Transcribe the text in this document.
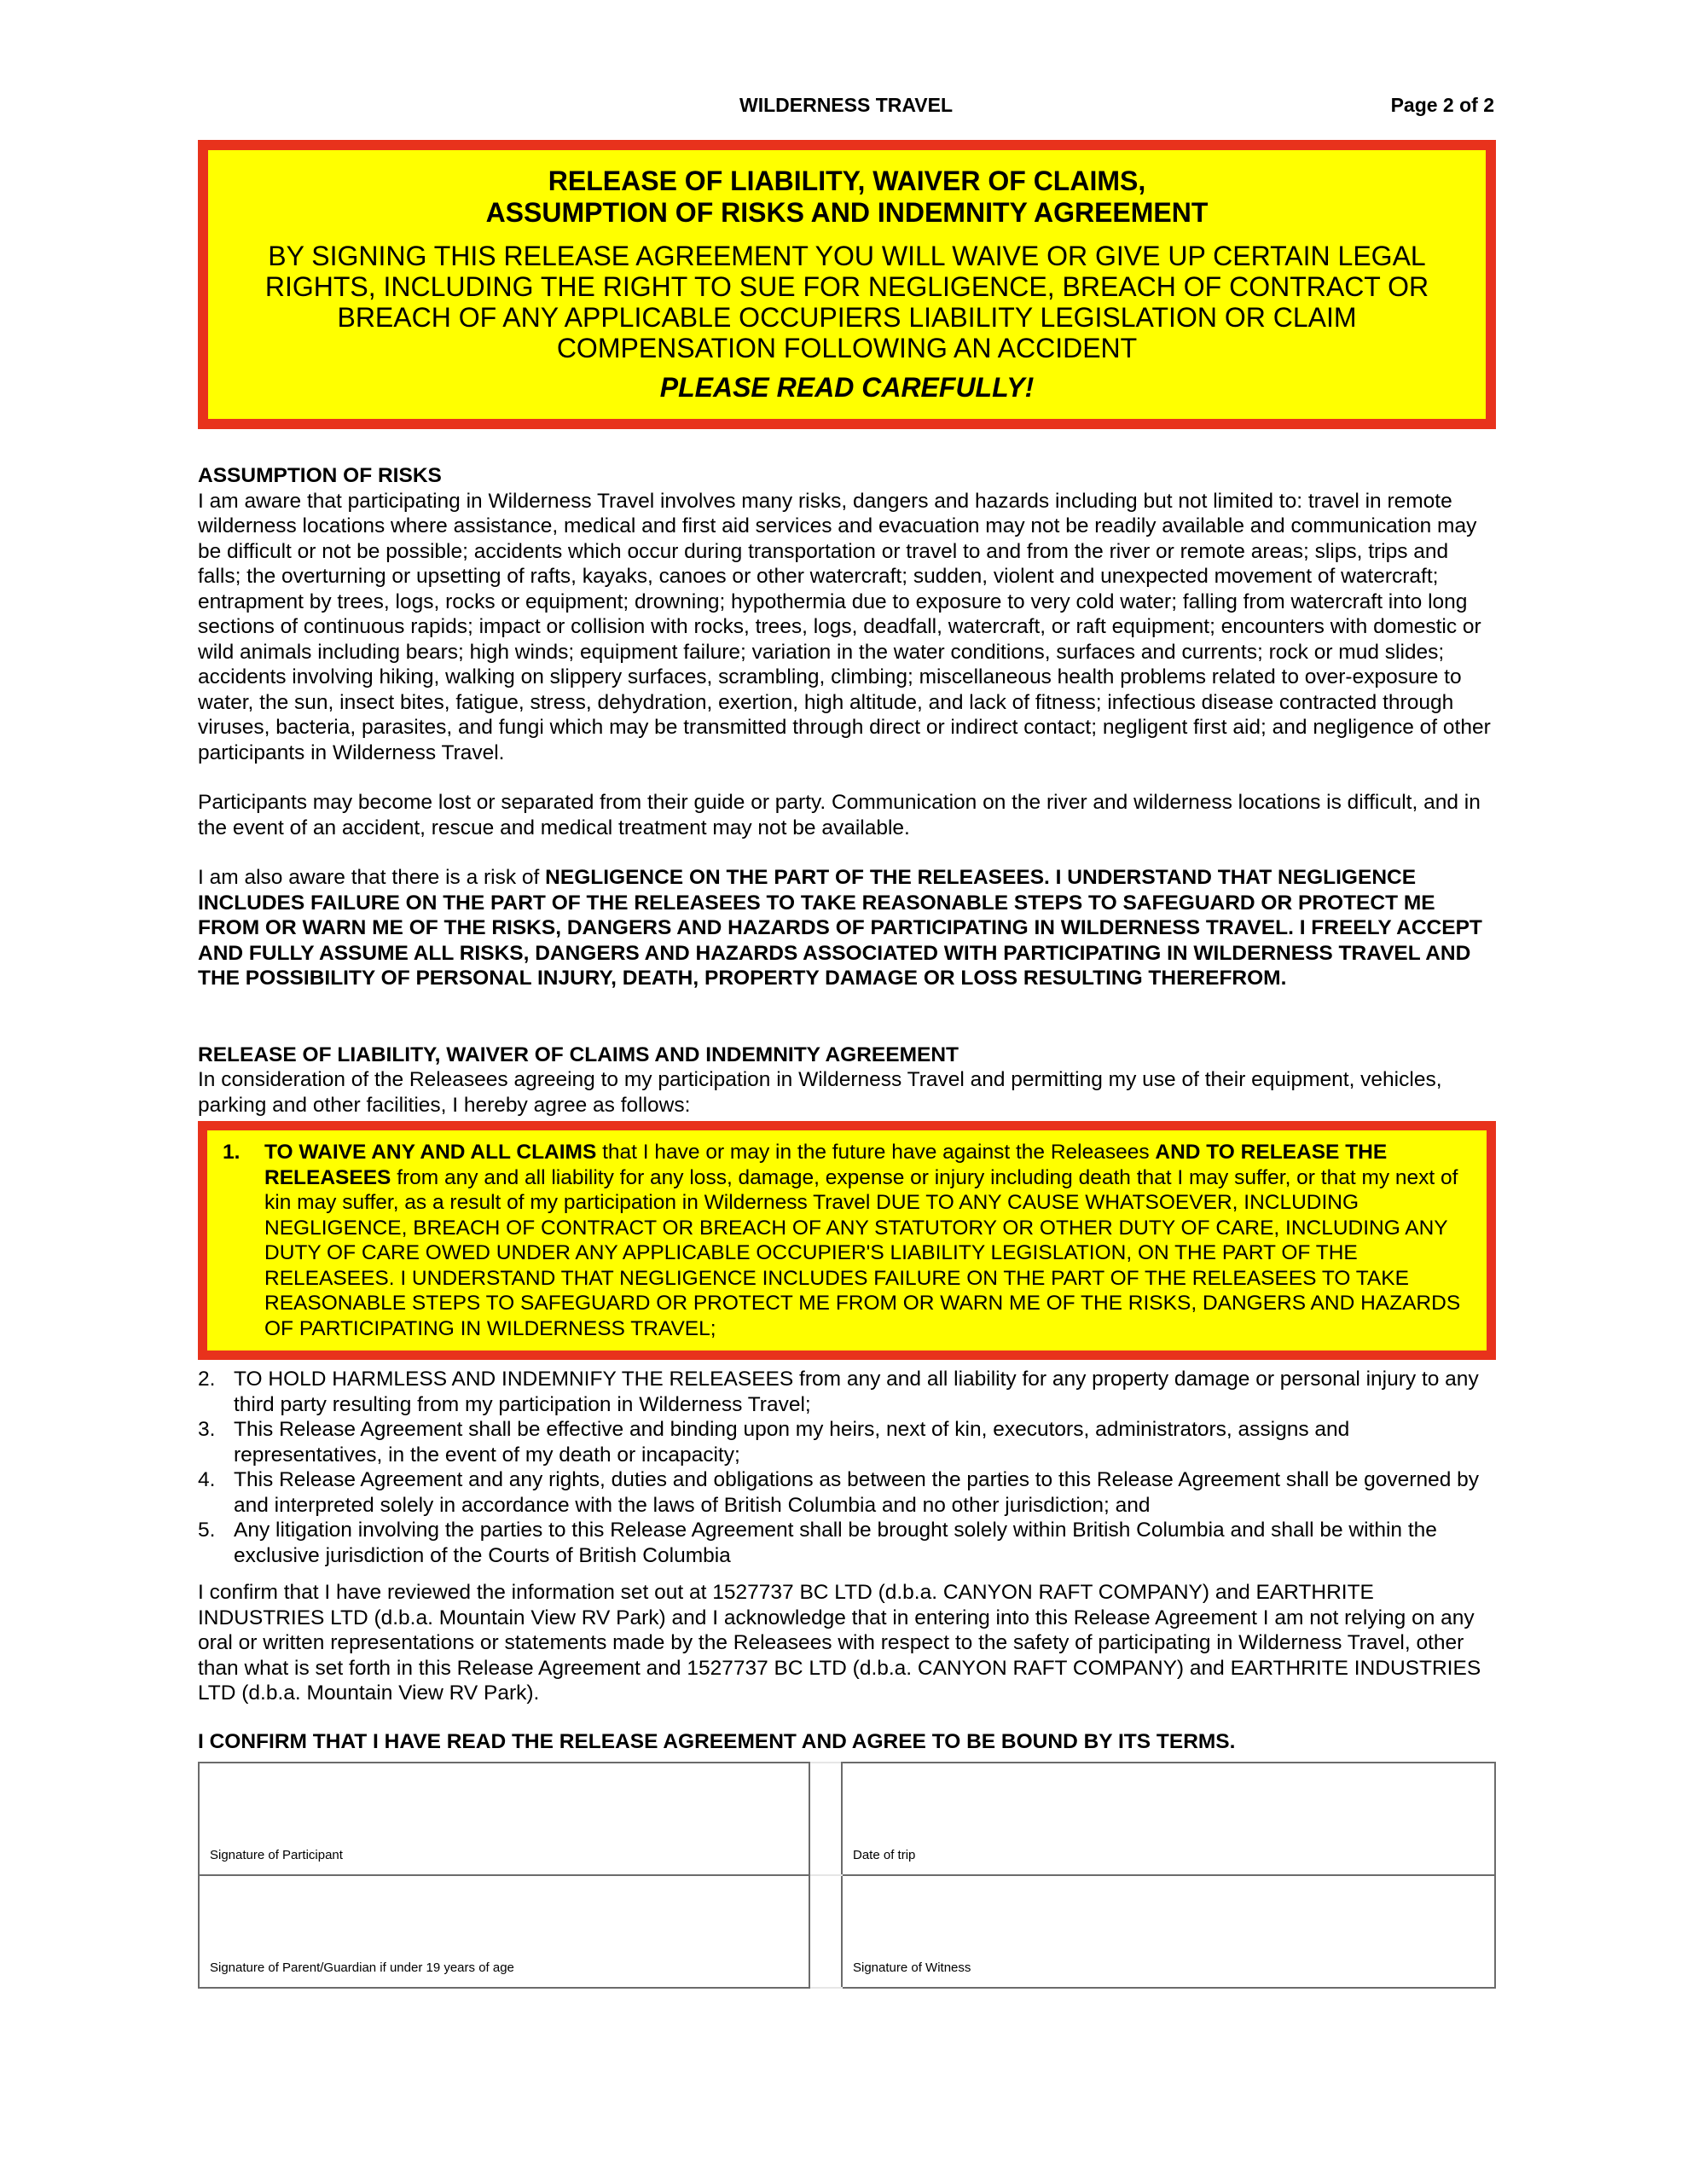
WILDERNESS TRAVEL	Page 2 of 2
RELEASE OF LIABILITY, WAIVER OF CLAIMS,
ASSUMPTION OF RISKS AND INDEMNITY AGREEMENT
BY SIGNING THIS RELEASE AGREEMENT YOU WILL WAIVE OR GIVE UP CERTAIN LEGAL RIGHTS, INCLUDING THE RIGHT TO SUE FOR NEGLIGENCE, BREACH OF CONTRACT OR BREACH OF ANY APPLICABLE OCCUPIERS LIABILITY LEGISLATION OR CLAIM COMPENSATION FOLLOWING AN ACCIDENT
PLEASE READ CAREFULLY!
ASSUMPTION OF RISKS

I am aware that participating in Wilderness Travel involves many risks, dangers and hazards including but not limited to: travel in remote wilderness locations where assistance, medical and first aid services and evacuation may not be readily available and communication may be difficult or not be possible; accidents which occur during transportation or travel to and from the river or remote areas; slips, trips and falls; the overturning or upsetting of rafts, kayaks, canoes or other watercraft; sudden, violent and unexpected movement of watercraft; entrapment by trees, logs, rocks or equipment; drowning; hypothermia due to exposure to very cold water; falling from watercraft into long sections of continuous rapids; impact or collision with rocks, trees, logs, deadfall, watercraft, or raft equipment; encounters with domestic or wild animals including bears; high winds; equipment failure; variation in the water conditions, surfaces and currents; rock or mud slides; accidents involving hiking, walking on slippery surfaces, scrambling, climbing; miscellaneous health problems related to over-exposure to water, the sun, insect bites, fatigue, stress, dehydration, exertion, high altitude, and lack of fitness; infectious disease contracted through viruses, bacteria, parasites, and fungi which may be transmitted through direct or indirect contact; negligent first aid; and negligence of other participants in Wilderness Travel.

Participants may become lost or separated from their guide or party. Communication on the river and wilderness locations is difficult, and in the event of an accident, rescue and medical treatment may not be available.

I am also aware that there is a risk of NEGLIGENCE ON THE PART OF THE RELEASEES. I UNDERSTAND THAT NEGLIGENCE INCLUDES FAILURE ON THE PART OF THE RELEASEES TO TAKE REASONABLE STEPS TO SAFEGUARD OR PROTECT ME FROM OR WARN ME OF THE RISKS, DANGERS AND HAZARDS OF PARTICIPATING IN WILDERNESS TRAVEL. I FREELY ACCEPT AND FULLY ASSUME ALL RISKS, DANGERS AND HAZARDS ASSOCIATED WITH PARTICIPATING IN WILDERNESS TRAVEL AND THE POSSIBILITY OF PERSONAL INJURY, DEATH, PROPERTY DAMAGE OR LOSS RESULTING THEREFROM.

RELEASE OF LIABILITY, WAIVER OF CLAIMS AND INDEMNITY AGREEMENT

In consideration of the Releasees agreeing to my participation in Wilderness Travel and permitting my use of their equipment, vehicles, parking and other facilities, I hereby agree as follows:

1. TO WAIVE ANY AND ALL CLAIMS that I have or may in the future have against the Releasees AND TO RELEASE THE RELEASEES from any and all liability for any loss, damage, expense or injury including death that I may suffer, or that my next of kin may suffer, as a result of my participation in Wilderness Travel DUE TO ANY CAUSE WHATSOEVER, INCLUDING NEGLIGENCE, BREACH OF CONTRACT OR BREACH OF ANY STATUTORY OR OTHER DUTY OF CARE, INCLUDING ANY DUTY OF CARE OWED UNDER ANY APPLICABLE OCCUPIER'S LIABILITY LEGISLATION, ON THE PART OF THE RELEASEES. I UNDERSTAND THAT NEGLIGENCE INCLUDES FAILURE ON THE PART OF THE RELEASEES TO TAKE REASONABLE STEPS TO SAFEGUARD OR PROTECT ME FROM OR WARN ME OF THE RISKS, DANGERS AND HAZARDS OF PARTICIPATING IN WILDERNESS TRAVEL;
2. TO HOLD HARMLESS AND INDEMNIFY THE RELEASEES from any and all liability for any property damage or personal injury to any third party resulting from my participation in Wilderness Travel;
3. This Release Agreement shall be effective and binding upon my heirs, next of kin, executors, administrators, assigns and representatives, in the event of my death or incapacity;
4. This Release Agreement and any rights, duties and obligations as between the parties to this Release Agreement shall be governed by and interpreted solely in accordance with the laws of British Columbia and no other jurisdiction; and
5. Any litigation involving the parties to this Release Agreement shall be brought solely within British Columbia and shall be within the exclusive jurisdiction of the Courts of British Columbia

I confirm that I have reviewed the information set out at 1527737 BC LTD (d.b.a. CANYON RAFT COMPANY) and EARTHRITE INDUSTRIES LTD (d.b.a. Mountain View RV Park) and I acknowledge that in entering into this Release Agreement I am not relying on any oral or written representations or statements made by the Releasees with respect to the safety of participating in Wilderness Travel, other than what is set forth in this Release Agreement and 1527737 BC LTD (d.b.a. CANYON RAFT COMPANY) and EARTHRITE INDUSTRIES LTD (d.b.a. Mountain View RV Park).

I CONFIRM THAT I HAVE READ THE RELEASE AGREEMENT AND AGREE TO BE BOUND BY ITS TERMS.
Signature of Participant		Date of trip
Signature of Parent/Guardian if under 19 years of age		Signature of Witness
